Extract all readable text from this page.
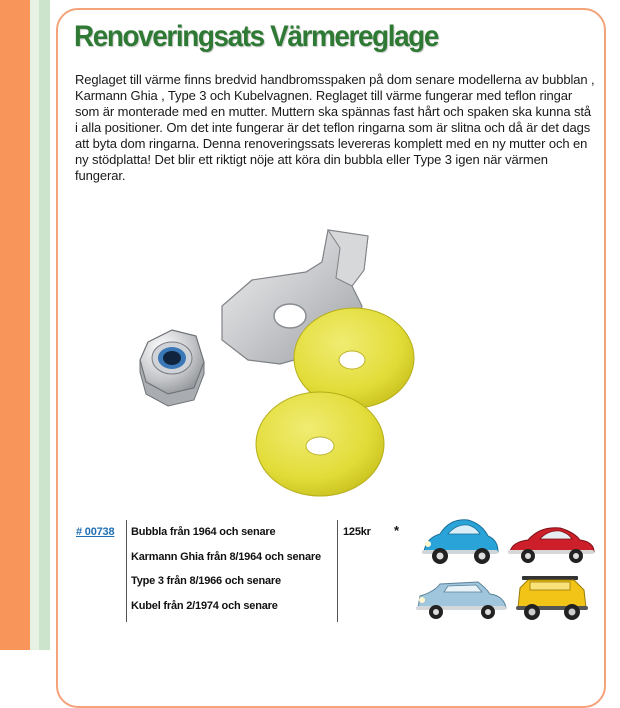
Renoveringsats Värmereglage

Reglaget till värme finns bredvid handbromsspaken på dom senare modellerna av bubblan , Karmann Ghia , Type 3 och Kubelvagnen. Reglaget till värme fungerar med teflon ringar som är monterade med en mutter. Muttern ska spännas fast hårt och spaken ska kunna stå i alla positioner. Om det inte fungerar är det teflon ringarna som är slitna och då är det dags att byta dom ringarna. Denna renoveringssats levereras komplett med en ny mutter och en ny stödplatta! Det blir ett riktigt nöje att köra din bubbla eller Type 3 igen när värmen fungerar.

# 00738 Bubbla från 1964 och senare
Karmann Ghia från 8/1964 och senare
Type 3 från 8/1966 och senare
Kubel från 2/1974 och senare
125kr *
